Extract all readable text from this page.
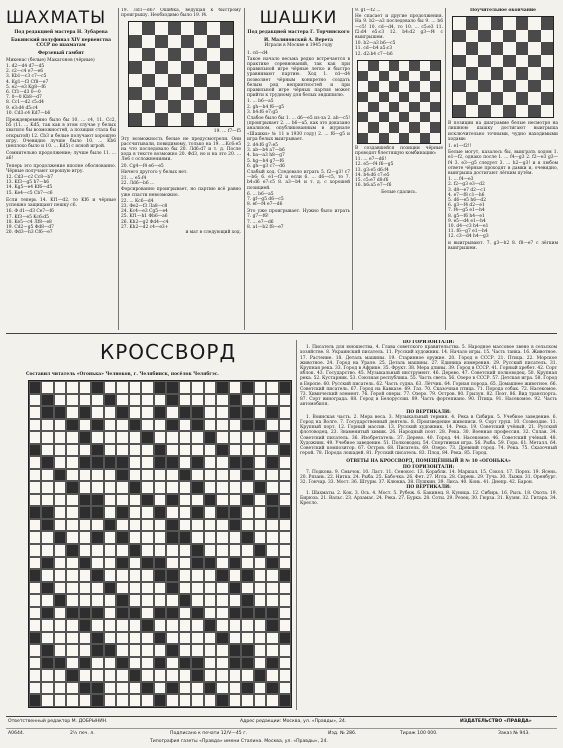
ШАХМАТЫ

Под редакцией мастера Н. Зубарева

Бакинский полуфинал XIV первенства СССР по шахматам

Ферзевый гамбит

Микенас (белые) Макагонов (чёрные)

1. d2—d4 d7—d5
2. c2—c4 e7—e6
3. Kb1—c3 c7—c5
4. Kg1—f3 Cf8—e7
5. e2—e3 Kg8—f6
6. Cf1—d3 0—0
7. 0—0 Kb8—d7
8. Cc1—d2 c5:d4
9. e3:d4 d5:c4
10. Cd3:c4 Kd7—b6

Преждевременно было бы 10. ... c4, 11. Cc2, b5 (11. ... Kd5, так как в этом случае у белых хватило бы возможностей, а позиция стала бы открытой) 12. Cb3 и белые получают хорошую игру. Очевидно лучше было 10. ... Kb6 (неплохо было и 10. ... Kd5) с ясной игрой.

Сомнительно продолжение; лучше было 11. ... а6!

Теперь это продолжение вполне обоснованно. Чёрные получают хорошую игру.

12. Cd3—c2 Cc8—b7
13. Kf3—g5 h7—h6
14. Kg5—e4 Kf6—d5
15. Ke4—c5 Cb7—c6

Если теперь 14. Kf1—d2, то Kf6 и чёрные успешно защищают пешку c6.

16. Ф d1—d3 Ce7—f6
17. Kf3—e5 Kc6:d5
18. Ke5—c4 Лf8—e8
19. Cd2—g5 Фd8—d7
20. Фd3—h3 Cf6—e7

19. Лd1—d6? Ошибка, ведущая к быстрому проигрышу. Необходимо было 19. f4.

19. ... f7—f5

Эту возможность белые не предусмотрели. Они рассчитывали, повидимому, только на 19. ...Kc6:e5 на что последовало бы 20. Лd6:d7 и т. д. После хода в тексте возможно 20. Фd3, но и на это 20. ... Лe6 с осложнениями.

20. Cg4—f4 e6—e5

Ничего другого у белых нет.

21. ... e5:f4
22. Лd6—b6 ...

Форсированно проигрывает, но партию всё равно уже спасти невозможно.

22. ... Kc6—d4
23. Фe2—f3 Лa8—c8
24. Kc4—e3 Cg5—e4
25. Kf1—h1 Фb6—a6
26. Kh2—g2 Фd4—c4
27. Kh2—d2 c4—e3+

и мат в следующий ход.

ШАШКИ

Под редакцией мастера Г. Торчинского

И. Малиновский А. Верета

Играли в Москве в 1945 году

1. cd—d4

Такое начало весьма редко встречается в практике соревнований, так как при правильной игре чёрные легко и быстро уравнивают партию. Ход 1. cd—d4 позволяет чёрным конкретно создать белым ряд неприятностей и при правильной игре чёрных партия может прийти к трудному для белых эндшпилю.

1. ... b6—a5
2. gh—h4 f6—g5
3. h4:f6 e7:g5

Слабое было бы 1. ... d6—e5 из-за 2. ab—c5! (проигрывает 2. ... b6—a5, как это доказано анализом, опубликованным в журнале «Шашки» № 11 в 1930 году) 2. ... f6—g5 и игра белых выигрывает.

2. d4:f6 g7:e5
3. ab—b4 a7—b6
4. ba—a3 h8—g7
5. hg—h4 g7—f6
6. gh—g3 c7—d6

Слабый ход. Следовало играть 5. f2—g3! c7—b6; 6. e1—f2 и если 6. ... d6—c5, то 7. b4:d6 e7:c5 8. a3—b4 и т. д. с хорошей позицией.

6. ... b6—a5
7. gf—g5 d6—c5
8. ef—f4 e7—d6

Это уже проигрывает. Нужно было играть 7. g7—f6!

7. ... e7—d6
8. a1—b2 f8—e7

9. g1—f2 ...

Не спасает и другие продолжения. На 9. b2—a3 последовало бы 9. ... b6—c5! 10. cd—d4, то 10. ... c5:e3 11. f2:d4 e5:c3 12. b4:d2 g3—f4 с выигрышем.

10. b2—a3 b6—c5
11. cd—b4 a5:c3
12. d2:b4 c7—b6

В создавшейся позиции чёрные проводят блестящую комбинацию:

11. ... e7—d6!
12. e5—f4 f6—g5
13. g3:e5 d6:f4
14. b4:d6 c7:e5
15. c5:e7 d8:f6
16. b6:a5 e7—f6

Белые сдались.

Поучительное окончание

В позиции на диаграмме белые несмотря на лишнюю шашку достигают выигрыша исключительно точными, чудно находимыми ходами:

1. e1—f2!!

Белые могут, казалось бы, выиграть ходом 1. e1—f2, однако после 1. ... f4—g3 2. f2—e3 g3—f4 3. e3—g5 следует 3. ... h2—g3! и в любом ответе чёрные проходят в дамки и, очевидно, выигрыша достигают лёгким путём.

1. ... f4—e3
2. f2—g3 e3—d2
3. d8—e7 d2—c1
4. e7—f8 c1—h6
5. d6—e5 h6—d2
6. g3—f4 d2—e1
7. f4—g5 e1—h4
8. g5—f6 h4—e1
9. e5—d4 e1—h4
10. d4—c3 h4—e1
11. f6—g7 e1—h4
12. c3—d4 h4—g3

и выигрывают. 7. g3—h2 8. f8—e7 с лёгким выигрышем.

КРОССВОРД

Составил читатель «Огонька» Челноков, г. Челябинск, посёлок Челябгэс.

ПО ГОРИЗОНТАЛИ:

1. Писатель для юношества, 4. Глава советского правительства. 5. Народное массовое звено в сельском хозяйстве. 8. Украинский писатель. 11. Русский художник. 14. Начало игры. 15. Часть танка. 16. Животное. 17. Растение. 18. Деталь машины. 19. Старинное оружие. 20. Город в СССР. 21. Птица. 22. Морское животное. 24. Город на Урале. 25. Деталь машины. 27. Единица измерения. 29. Русский писатель. 31. Крупная река. 33. Город в Африке. 35. Фрукт. 38. Мера длины. 39. Город в СССР. 41. Горный хребет. 42. Сорт яблок. 43. Государство. 45. Музыкальный инструмент. 46. Дерево. 47. Советский полководец. 50. Крупная река. 52. Кустарник. 53. Союзная республика. 55. Часть света. 56. Озеро в СССР. 57. Детская игра. 58. Город в Европе. 60. Русский писатель. 62. Часть судна. 63. Лётчик. 64. Горная порода. 65. Домашнее животное. 66. Советский писатель. 67. Город на Кавказе. 69. Газ. 70. Сказочная птица. 71. Порода собак. 72. Насекомое. 73. Химический элемент. 76. Герой оперы. 77. Озеро. 79. Остров. 80. Грызун. 82. Поэт. 86. Вид транспорта. 87. Сорт винограда. 88. Город в Белоруссии. 89. Часть фортепиано. 90. Птица. 91. Насекомое. 92. Часть автомобиля.

ПО ВЕРТИКАЛИ:

1. Воинская часть. 2. Мера веса. 3. Музыкальный термин. 4. Река в Сибири. 5. Учебное заведение. 6. Город на Волге. 7. Государственный деятель. 8. Произведение живописи. 9. Сорт груш. 10. Созвездие. 11. Крупный порт. 12. Горный массив. 13. Русский художник. 14. Река. 19. Советский учёный. 21. Русский флотоводец. 23. Знаменитый химик. 26. Народный поэт. 28. Река. 30. Военная профессия. 32. Сплав. 34. Советский писатель. 36. Изобретатель. 37. Дерево. 40. Город. 44. Насекомое. 46. Советский учёный. 48. Художник. 49. Учебное заведение. 51. Полководец. 54. Спортивная игра. 56. Рыба. 59. Гора. 61. Металл. 64. Советский композитор. 67. Остров. 68. Писатель. 69. Озеро. 73. Древний город. 74. Река. 75. Сказочный герой. 78. Порода лошадей. 81. Русский писатель. 83. Плод. 84. Река. 85. Город.

ОТВЕТЫ НА КРОССВОРД, ПОМЕЩЁННЫЙ В № 10 «ОГОНЬКА»

ПО ГОРИЗОНТАЛИ:

7. Подкова. 9. Смычок. 10. Ласт. 11. Сенокос. 13. Корабли. 14. Маршал. 15. Сокол. 17. Порох. 19. Ясень. 20. Рязань. 22. Нитка. 24. Рыба. 25. Бабочка. 26. Фет. 27. Игла. 28. Сирень. 29. Туча. 30. Лыжи. 31. Оренбург. 32. Гончар. 33. Мост. 36. Штурм. 37. Клюква. 38. Пушкин. 39. Лиса. 40. Конь. 41. Днепр. 42. Барон.

ПО ВЕРТИКАЛИ:

1. Шахматы. 2. Кок. 3. Ось. 4. Мост. 5. Рубеж. 6. Бакинец. 8. Куница. 12. Сибирь. 16. Рысь. 18. Охота. 19. Бирюза. 21. Вальс. 23. Арзамас. 24. Река. 27. Бурка. 28. Соты. 29. Резец. 30. Гюрза. 31. Кузня. 32. Гитара. 34. Кресло.

Ответственный редактор М. ДОБРЫНИН.	Адрес редакции: Москва, ул. «Правды», 24.	ИЗДАТЕЛЬСТВО «ПРАВДА»
А0644.	2½ печ. л.	Подписано к печати 12/V—45 г.	Изд. № 286.	Тираж 100 000.	Заказ № 943.
Типография газеты «Правда» имени Сталина. Москва, ул. «Правды», 24.
